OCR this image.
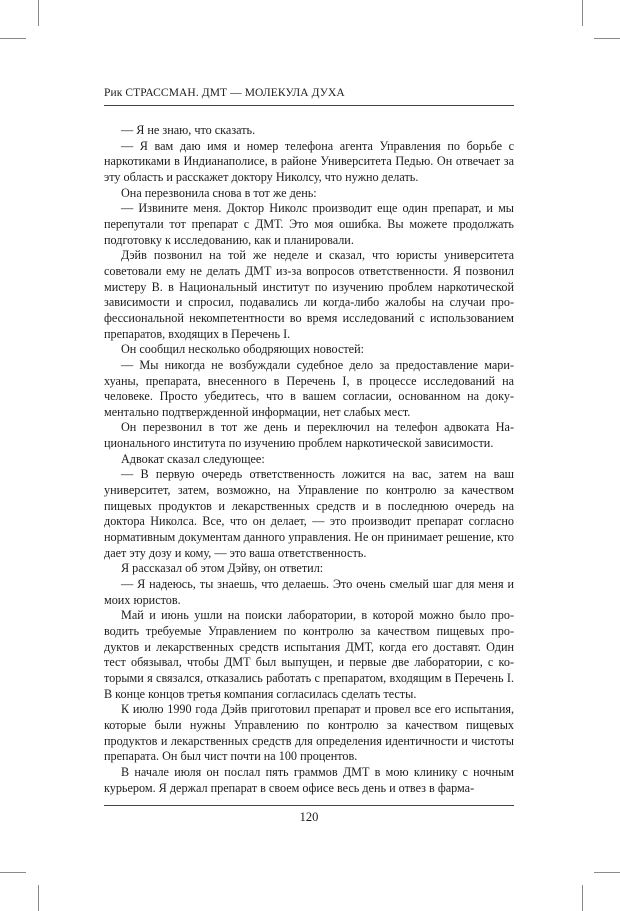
Рик СТРАССМАН. ДМТ — МОЛЕКУЛА ДУХА

— Я не знаю, что сказать.

— Я вам даю имя и номер телефона агента Управления по борьбе с наркотиками в Индианаполисе, в районе Университета Педью. Он отвечает за эту область и расскажет доктору Николсу, что нужно делать.

Она перезвонила снова в тот же день:

— Извините меня. Доктор Николс производит еще один препарат, и мы перепутали тот препарат с ДМТ. Это моя ошибка. Вы можете продолжать подготовку к исследованию, как и планировали.

Дэйв позвонил на той же неделе и сказал, что юристы университета советовали ему не делать ДМТ из-за вопросов ответственности. Я позвонил мистеру В. в Национальный институт по изучению проблем наркотической зависимости и спросил, подавались ли когда-либо жалобы на случаи профессиональной некомпетентности во время исследований с использованием препаратов, входящих в Перечень I.

Он сообщил несколько ободряющих новостей:

— Мы никогда не возбуждали судебное дело за предоставление марихуаны, препарата, внесенного в Перечень I, в процессе исследований на человеке. Просто убедитесь, что в вашем согласии, основанном на документально подтвержденной информации, нет слабых мест.

Он перезвонил в тот же день и переключил на телефон адвоката Национального института по изучению проблем наркотической зависимости.

Адвокат сказал следующее:

— В первую очередь ответственность ложится на вас, затем на ваш университет, затем, возможно, на Управление по контролю за качеством пищевых продуктов и лекарственных средств и в последнюю очередь на доктора Николса. Все, что он делает, — это производит препарат согласно нормативным документам данного управления. Не он принимает решение, кто дает эту дозу и кому, — это ваша ответственность.

Я рассказал об этом Дэйву, он ответил:

— Я надеюсь, ты знаешь, что делаешь. Это очень смелый шаг для меня и моих юристов.

Май и июнь ушли на поиски лаборатории, в которой можно было проводить требуемые Управлением по контролю за качеством пищевых продуктов и лекарственных средств испытания ДМТ, когда его доставят. Один тест обязывал, чтобы ДМТ был выпущен, и первые две лаборатории, с которыми я связался, отказались работать с препаратом, входящим в Перечень I. В конце концов третья компания согласилась сделать тесты.

К июлю 1990 года Дэйв приготовил препарат и провел все его испытания, которые были нужны Управлению по контролю за качеством пищевых продуктов и лекарственных средств для определения идентичности и чистоты препарата. Он был чист почти на 100 процентов.

В начале июля он послал пять граммов ДМТ в мою клинику с ночным курьером. Я держал препарат в своем офисе весь день и отвез в фарма-

120
